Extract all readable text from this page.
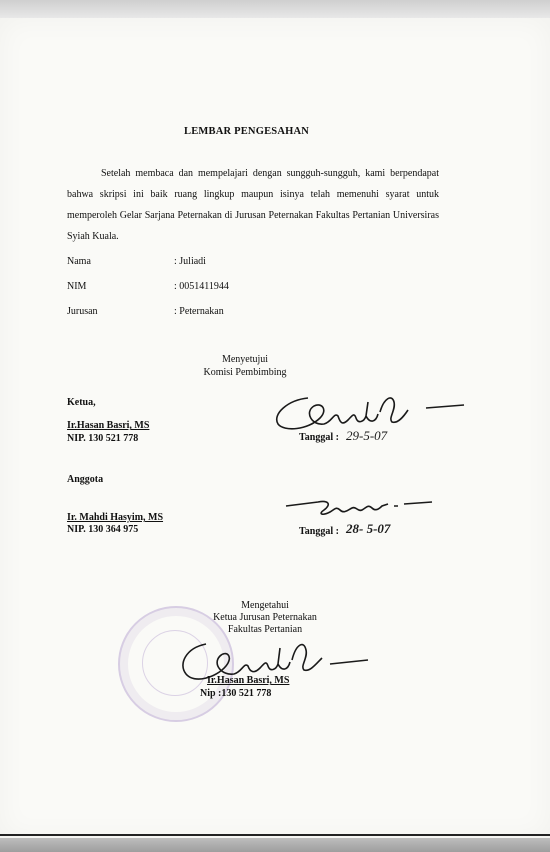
LEMBAR PENGESAHAN

Setelah membaca dan mempelajari dengan sungguh-sungguh, kami berpendapat bahwa skripsi ini baik ruang lingkup maupun isinya telah memenuhi syarat untuk memperoleh Gelar Sarjana Peternakan di Jurusan Peternakan Fakultas Pertanian Universiras Syiah Kuala.

Nama	: Juliadi
NIM	: 0051411944
Jurusan	: Peternakan
Menyetujui
Komisi Pembimbing
Ketua,
Ir.Hasan Basri, MS
NIP. 130 521 778	Tanggal : 29-5-07
Anggota
Ir. Mahdi Hasyim, MS
NIP. 130 364 975	Tanggal : 28- 5-07
Mengetahui
Ketua Jurusan Peternakan
Fakultas Pertanian
Ir.Hasan Basri, MS
Nip :130 521 778
